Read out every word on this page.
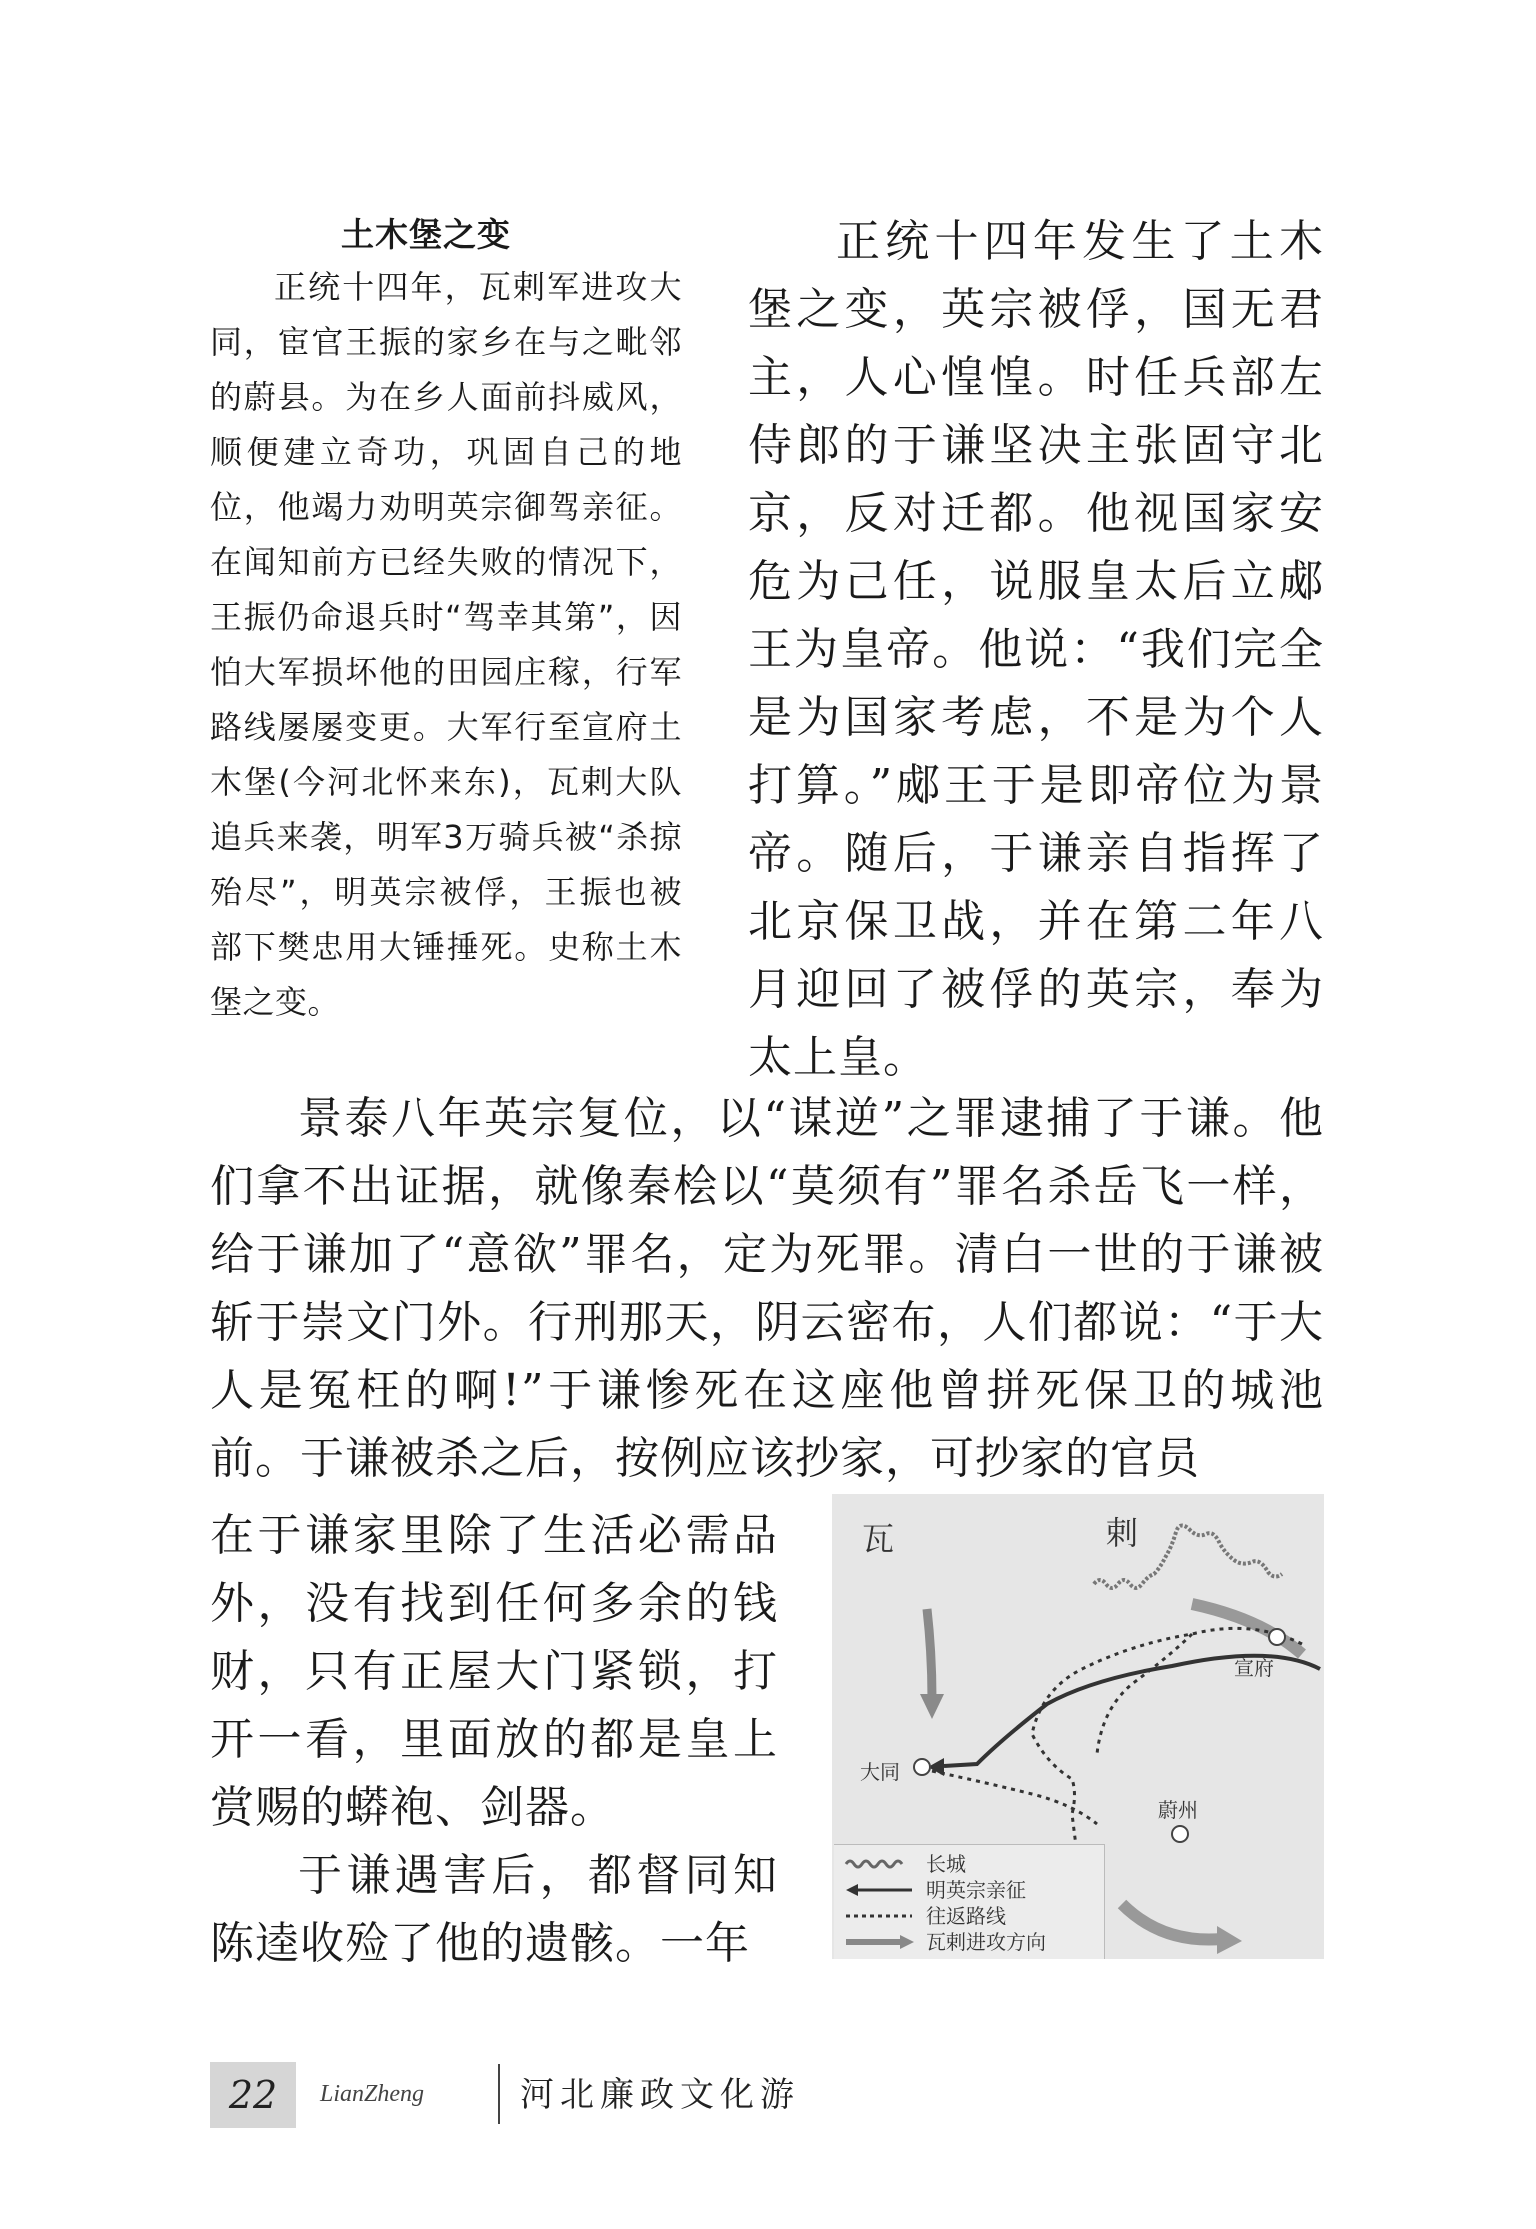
土木堡之变

正统十四年，瓦剌军进攻大同，宦官王振的家乡在与之毗邻的蔚县。为在乡人面前抖威风，顺便建立奇功，巩固自己的地位，他竭力劝明英宗御驾亲征。在闻知前方已经失败的情况下，王振仍命退兵时“驾幸其第”，因怕大军损坏他的田园庄稼，行军路线屡屡变更。大军行至宣府土木堡(今河北怀来东)，瓦剌大队追兵来袭，明军3万骑兵被“杀掠殆尽”，明英宗被俘，王振也被部下樊忠用大锤捶死。史称土木堡之变。

正统十四年发生了土木堡之变，英宗被俘，国无君主，人心惶惶。时任兵部左侍郎的于谦坚决主张固守北京，反对迁都。他视国家安危为己任，说服皇太后立郕王为皇帝。他说：“我们完全是为国家考虑，不是为个人打算。”郕王于是即帝位为景帝。随后，于谦亲自指挥了北京保卫战，并在第二年八月迎回了被俘的英宗，奉为太上皇。

景泰八年英宗复位，以“谋逆”之罪逮捕了于谦。他们拿不出证据，就像秦桧以“莫须有”罪名杀岳飞一样，给于谦加了“意欲”罪名，定为死罪。清白一世的于谦被斩于崇文门外。行刑那天，阴云密布，人们都说：“于大人是冤枉的啊!”于谦惨死在这座他曾拼死保卫的城池前。于谦被杀之后，按例应该抄家，可抄家的官员

在于谦家里除了生活必需品外，没有找到任何多余的钱财，只有正屋大门紧锁，打开一看，里面放的都是皇上赏赐的蟒袍、剑器。

于谦遇害后，都督同知陈逵收殓了他的遗骸。一年

瓦	剌
宣府
大同
蔚州
长城
明英宗亲征
往返路线
瓦剌进攻方向
22	LianZheng	河北廉政文化游
